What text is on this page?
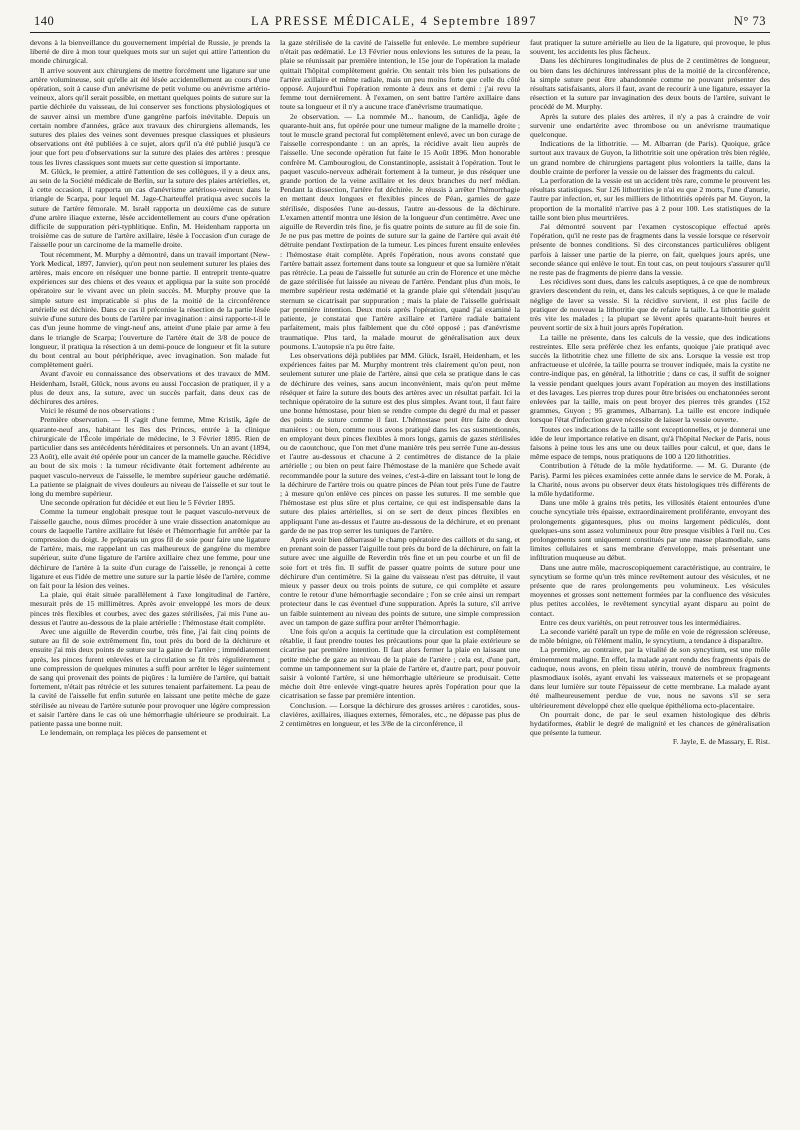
140	LA PRESSE MÉDICALE, 4 Septembre 1897	N° 73

devons à la bienveillance du gouvernement impérial de Russie, je prends la liberté de dire à mon tour quelques mots sur un sujet qui attire l'attention du monde chirurgical.

Il arrive souvent aux chirurgiens de mettre forcément une ligature sur une artère volumineuse, soit qu'elle ait été lésée accidentellement au cours d'une opération, soit à cause d'un anévrisme de petit volume ou anévrisme artério-veineux, alors qu'il serait possible, en mettant quelques points de suture sur la partie déchirée du vaisseau, de lui conserver ses fonctions physiologiques et de sauver ainsi un membre d'une gangrène parfois inévitable. Depuis un certain nombre d'années, grâce aux travaux des chirurgiens allemands, les sutures des plaies des veines sont devenues presque classiques et plusieurs observations ont été publiées à ce sujet, alors qu'il n'a été publié jusqu'à ce jour que fort peu d'observations sur la suture des plaies des artères : presque tous les livres classiques sont muets sur cette question si importante.

M. Glück, le premier, a attiré l'attention de ses collègues, il y a deux ans, au sein de la Société médicale de Berlin, sur la suture des plaies artérielles, et, à cette occasion, il rapporta un cas d'anévrisme artérioso-veineux dans le triangle de Scarpa, pour lequel M. Jage-Charteuffel pratiqua avec succès la suture de l'artère fémorale. M. Israël rapporta un deuxième cas de suture d'une artère iliaque externe, lésée accidentellement au cours d'une opération difficile de suppuration péri-typhlitique. Enfin, M. Heidenham rapporta un troisième cas de suture de l'artère axillaire, lésée à l'occasion d'un curage de l'aisselle pour un carcinome de la mamelle droite.

Tout récemment, M. Murphy a démontré, dans un travail important (New-York Medical, 1897, Janvier), qu'on peut non seulement suturer les plaies des artères, mais encore en réséquer une bonne partie. Il entreprit trente-quatre expériences sur des chiens et des veaux et appliqua par la suite son procédé opératoire sur le vivant avec un plein succès. M. Murphy prouve que la simple suture est impraticable si plus de la moitié de la circonférence artérielle est déchirée. Dans ce cas il préconise la résection de la partie lésée suivie d'une suture des bouts de l'artère par invagination : ainsi rapporte-t-il le cas d'un jeune homme de vingt-neuf ans, atteint d'une plaie par arme à feu dans le triangle de Scarpa; l'ouverture de l'artère était de 3/8 de pouce de longueur, il pratiqua la résection à un demi-pouce de longueur et fit la suture du bout central au bout périphérique, avec invagination. Son malade fut complètement guéri.

Avant d'avoir eu connaissance des observations et des travaux de MM. Heidenham, Israël, Glück, nous avons eu aussi l'occasion de pratiquer, il y a plus de deux ans, la suture, avec un succès parfait, dans deux cas de déchirures des artères.

Voici le résumé de nos observations :

Première observation. — Il s'agit d'une femme, Mme Kristik, âgée de quarante-neuf ans, habitant les îles des Princes, entrée à la clinique chirurgicale de l'École impériale de médecine, le 3 Février 1895. Rien de particulier dans ses antécédents héréditaires et personnels. Un an avant (1894, 23 Août), elle avait été opérée pour un cancer de la mamelle gauche. Récidive au bout de six mois : la tumeur récidivante était fortement adhérente au paquet vasculo-nerveux de l'aisselle, le membre supérieur gauche œdématié. La patiente se plaignait de vives douleurs au niveau de l'aisselle et sur tout le long du membre supérieur.

Une seconde opération fut décidée et eut lieu le 5 Février 1895.

Comme la tumeur englobait presque tout le paquet vasculo-nerveux de l'aisselle gauche, nous dûmes procéder à une vraie dissection anatomique au cours de laquelle l'artère axillaire fut lésée et l'hémorrhagie fut arrêtée par la compression du doigt. Je préparais un gros fil de soie pour faire une ligature de l'artère, mais, me rappelant un cas malheureux de gangrène du membre supérieur, suite d'une ligature de l'artère axillaire chez une femme, pour une déchirure de l'artère à la suite d'un curage de l'aisselle, je renonçai à cette ligature et eus l'idée de mettre une suture sur la partie lésée de l'artère, comme on fait pour la lésion des veines.

La plaie, qui était située parallèlement à l'axe longitudinal de l'artère, mesurait près de 15 millimètres. Après avoir enveloppé les mors de deux pinces très flexibles et courbes, avec des gazes stérilisées, j'ai mis l'une au-dessus et l'autre au-dessous de la plaie artérielle : l'hémostase était complète.

Avec une aiguille de Reverdin courbe, très fine, j'ai fait cinq points de suture au fil de soie extrêmement fin, tout près du bord de la déchirure et ensuite j'ai mis deux points de suture sur la gaine de l'artère ; immédiatement après, les pinces furent enlevées et la circulation se fit très régulièrement ; une compression de quelques minutes a suffi pour arrêter le léger suintement de sang qui provenait des points de piqûres : la lumière de l'artère, qui battait fortement, n'était pas rétrécie et les sutures tenaient parfaitement. La peau de la cavité de l'aisselle fut enfin suturée en laissant une petite mèche de gaze stérilisée au niveau de l'artère suturée pour provoquer une légère compression et saisir l'artère dans le cas où une hémorrhagie ultérieure se produirait. La patiente passa une bonne nuit.

Le lendemain, on remplaça les pièces de pansement et

la gaze stérilisée de la cavité de l'aisselle fut enlevée. Le membre supérieur n'était pas œdématié. Le 13 Février nous enlevions les sutures de la peau, la plaie se réunissait par première intention, le 15e jour de l'opération la malade quittait l'hôpital complètement guérie. On sentait très bien les pulsations de l'artère axillaire et même radiale, mais un peu moins forte que celle du côté opposé. Aujourd'hui l'opération remonte à deux ans et demi : j'ai revu la femme tout dernièrement. À l'examen, on sent battre l'artère axillaire dans toute sa longueur et il n'y a aucune trace d'anévrisme traumatique.

2e observation. — La nommée M... hanoum, de Canlidja, âgée de quarante-huit ans, fut opérée pour une tumeur maligne de la mamelle droite ; tout le muscle grand pectoral fut complètement enlevé, avec un bon curage de l'aisselle correspondante : un an après, la récidive avait lieu auprès de l'aisselle. Une seconde opération fut faite le 15 Août 1896. Mon honorable confrère M. Cambouroglou, de Constantinople, assistait à l'opération. Tout le paquet vasculo-nerveux adhérait fortement à la tumeur, je dus réséquer une grande portion de la veine axillaire et les deux branches du nerf médian. Pendant la dissection, l'artère fut déchirée. Je réussis à arrêter l'hémorrhagie en mettant deux longues et flexibles pinces de Péan, garnies de gaze stérilisée, disposées l'une au-dessus, l'autre au-dessous de la déchirure. L'examen attentif montra une lésion de la longueur d'un centimètre. Avec une aiguille de Reverdin très fine, je fis quatre points de suture au fil de soie fin. Je ne pus pas mettre de points de suture sur la gaine de l'artère qui avait été détruite pendant l'extirpation de la tumeur. Les pinces furent ensuite enlevées : l'hémostase était complète. Après l'opération, nous avons constaté que l'artère battait assez fortement dans toute sa longueur et que sa lumière n'était pas rétrécie. La peau de l'aisselle fut suturée au crin de Florence et une mèche de gaze stérilisée fut laissée au niveau de l'artère. Pendant plus d'un mois, le membre supérieur resta œdématié et la grande plaie qui s'étendait jusqu'au sternum se cicatrisait par suppuration ; mais la plaie de l'aisselle guérissait par première intention. Deux mois après l'opération, quand j'ai examiné la patiente, je constatai que l'artère axillaire et l'artère radiale battaient parfaitement, mais plus faiblement que du côté opposé ; pas d'anévrisme traumatique. Plus tard, la malade mourut de généralisation aux deux poumons. L'autopsie n'a pu être faite.

Les observations déjà publiées par MM. Glück, Israël, Heidenham, et les expériences faites par M. Murphy montrent très clairement qu'on peut, non seulement suturer une plaie de l'artère, ainsi que cela se pratique dans le cas de déchirure des veines, sans aucun inconvénient, mais qu'on peut même réséquer et faire la suture des bouts des artères avec un résultat parfait. Ici la technique opératoire de la suture est des plus simples. Avant tout, il faut faire une bonne hémostase, pour bien se rendre compte du degré du mal et passer des points de suture comme il faut. L'hémostase peut être faite de deux manières : ou bien, comme nous avons pratiqué dans les cas susmentionnés, en employant deux pinces flexibles à mors longs, garnis de gazes stérilisées ou de caoutchouc, que l'on met d'une manière très peu serrée l'une au-dessus et l'autre au-dessous et chacune à 2 centimètres de distance de la plaie artérielle ; ou bien on peut faire l'hémostase de la manière que Schede avait recommandée pour la suture des veines, c'est-à-dire en laissant tout le long de la déchirure de l'artère trois ou quatre pinces de Péan tout près l'une de l'autre ; à mesure qu'on enlève ces pinces on passe les sutures. Il me semble que l'hémostase est plus sûre et plus certaine, ce qui est indispensable dans la suture des plaies artérielles, si on se sert de deux pinces flexibles en appliquant l'une au-dessus et l'autre au-dessous de la déchirure, et en prenant garde de ne pas trop serrer les tuniques de l'artère.

Après avoir bien débarrassé le champ opératoire des caillots et du sang, et en prenant soin de passer l'aiguille tout près du bord de la déchirure, on fait la suture avec une aiguille de Reverdin très fine et un peu courbe et un fil de soie fort et très fin. Il suffit de passer quatre points de suture pour une déchirure d'un centimètre. Si la gaine du vaisseau n'est pas détruite, il vaut mieux y passer deux ou trois points de suture, ce qui complète et assure contre le retour d'une hémorrhagie secondaire ; l'on se crée ainsi un rempart protecteur dans le cas éventuel d'une suppuration. Après la suture, s'il arrive un faible suintement au niveau des points de suture, une simple compression avec un tampon de gaze suffira pour arrêter l'hémorrhagie.

Une fois qu'on a acquis la certitude que la circulation est complètement rétablie, il faut prendre toutes les précautions pour que la plaie extérieure se cicatrise par première intention. Il faut alors fermer la plaie en laissant une petite mèche de gaze au niveau de la plaie de l'artère ; cela est, d'une part, comme un tamponnement sur la plaie de l'artère et, d'autre part, pour pouvoir saisir à volonté l'artère, si une hémorrhagie ultérieure se produisait. Cette mèche doit être enlevée vingt-quatre heures après l'opération pour que la cicatrisation se fasse par première intention.

Conclusion. — Lorsque la déchirure des grosses artères : carotides, sous-clavières, axillaires, iliaques externes, fémorales, etc., ne dépasse pas plus de 2 centimètres en longueur, et les 3/8e de la circonférence, il

faut pratiquer la suture artérielle au lieu de la ligature, qui provoque, le plus souvent, les accidents les plus fâcheux.

Dans les déchirures longitudinales de plus de 2 centimètres de longueur, ou bien dans les déchirures intéressant plus de la moitié de la circonférence, la simple suture peut être abandonnée comme ne pouvant présenter des résultats satisfaisants, alors il faut, avant de recourir à une ligature, essayer la résection et la suture par invagination des deux bouts de l'artère, suivant le procédé de M. Murphy.

Après la suture des plaies des artères, il n'y a pas à craindre de voir survenir une endartérite avec thrombose ou un anévrisme traumatique quelconque.

Indications de la lithotritie. — M. Albarran (de Paris). Quoique, grâce surtout aux travaux de Guyon, la lithotritie soit une opération très bien réglée, un grand nombre de chirurgiens partagent plus volontiers la taille, dans la double crainte de perforer la vessie ou de laisser des fragments du calcul.

La perforation de la vessie est un accident très rare, comme le prouvent les résultats statistiques. Sur 126 lithotrities je n'ai eu que 2 morts, l'une d'anurie, l'autre par infection, et, sur les milliers de lithotritiés opérés par M. Guyon, la proportion de la mortalité n'arrive pas à 2 pour 100. Les statistiques de la taille sont bien plus meurtrières.

J'ai démontré souvent par l'examen cystoscopique effectué après l'opération, qu'il ne reste pas de fragments dans la vessie lorsque ce réservoir présente de bonnes conditions. Si des circonstances particulières obligent parfois à laisser une partie de la pierre, on fait, quelques jours après, une seconde séance qui enlève le tout. En tout cas, on peut toujours s'assurer qu'il ne reste pas de fragments de pierre dans la vessie.

Les récidives sont dues, dans les calculs aseptiques, à ce que de nombreux graviers descendent du rein, et, dans les calculs septiques, à ce que le malade néglige de laver sa vessie. Si la récidive survient, il est plus facile de pratiquer de nouveau la lithotritie que de refaire la taille. La lithotritie guérit très vite les malades ; la plupart se lèvent après quarante-huit heures et peuvent sortir de six à huit jours après l'opération.

La taille ne présente, dans les calculs de la vessie, que des indications restreintes. Elle sera préférée chez les enfants, quoique j'aie pratiqué avec succès la lithotritie chez une fillette de six ans. Lorsque la vessie est trop anfractueuse et ulcérée, la taille pourra se trouver indiquée, mais la cystite ne contre-indique pas, en général, la lithotritie ; dans ce cas, il suffit de soigner la vessie pendant quelques jours avant l'opération au moyen des instillations et des lavages. Les pierres trop dures pour être brisées ou enchatonnées seront enlevées par la taille, mais on peut broyer des pierres très grandes (152 grammes, Guyon ; 95 grammes, Albarran). La taille est encore indiquée lorsque l'état d'infection grave nécessite de laisser la vessie ouverte.

Toutes ces indications de la taille sont exceptionnelles, et je donnerai une idée de leur importance relative en disant, qu'à l'hôpital Necker de Paris, nous faisons à peine tous les ans une ou deux tailles pour calcul, et que, dans le même espace de temps, nous pratiquons de 100 à 120 lithotrities.

Contribution à l'étude de la môle hydatiforme. — M. G. Durante (de Paris). Parmi les pièces examinées cette année dans le service de M. Porak, à la Charité, nous avons pu observer deux états histologiques très différents de la môle hydatiforme.

Dans une môle à grains très petits, les villosités étaient entourées d'une couche syncytiale très épaisse, extraordinairement proliférante, envoyant des prolongements gigantesques, plus ou moins largement pédiculés, dont quelques-uns sont assez volumineux pour être presque visibles à l'œil nu. Ces prolongements sont uniquement constitués par une masse plasmodiale, sans limites cellulaires et sans membrane d'enveloppe, mais présentant une infiltration muqueuse au début.

Dans une autre môle, macroscopiquement caractéristique, au contraire, le syncytium se forme qu'un très mince revêtement autour des vésicules, et ne présente que de rares prolongements peu volumineux. Les vésicules moyennes et grosses sont nettement formées par la confluence des vésicules plus petites accolées, le revêtement syncytial ayant disparu au point de contact.

Entre ces deux variétés, on peut retrouver tous les intermédiaires.

La seconde variété paraît un type de môle en voie de régression scléreuse, de môle bénigne, où l'élément malin, le syncytium, a tendance à disparaître.

La première, au contraire, par la vitalité de son syncytium, est une môle éminemment maligne. En effet, la malade ayant rendu des fragments épais de caduque, nous avons, en plein tissu utérin, trouvé de nombreux fragments plasmodiaux isolés, ayant envahi les vaisseaux maternels et se propageant dans leur lumière sur toute l'épaisseur de cette membrane. La malade ayant été malheureusement perdue de vue, nous ne savons s'il se sera ultérieurement développé chez elle quelque épithélioma ecto-placentaire.

On pourrait donc, de par le seul examen histologique des débris hydatiformes, établir le degré de malignité et les chances de généralisation que présente la tumeur.

F. Jayle, E. de Massary, E. Rist.
